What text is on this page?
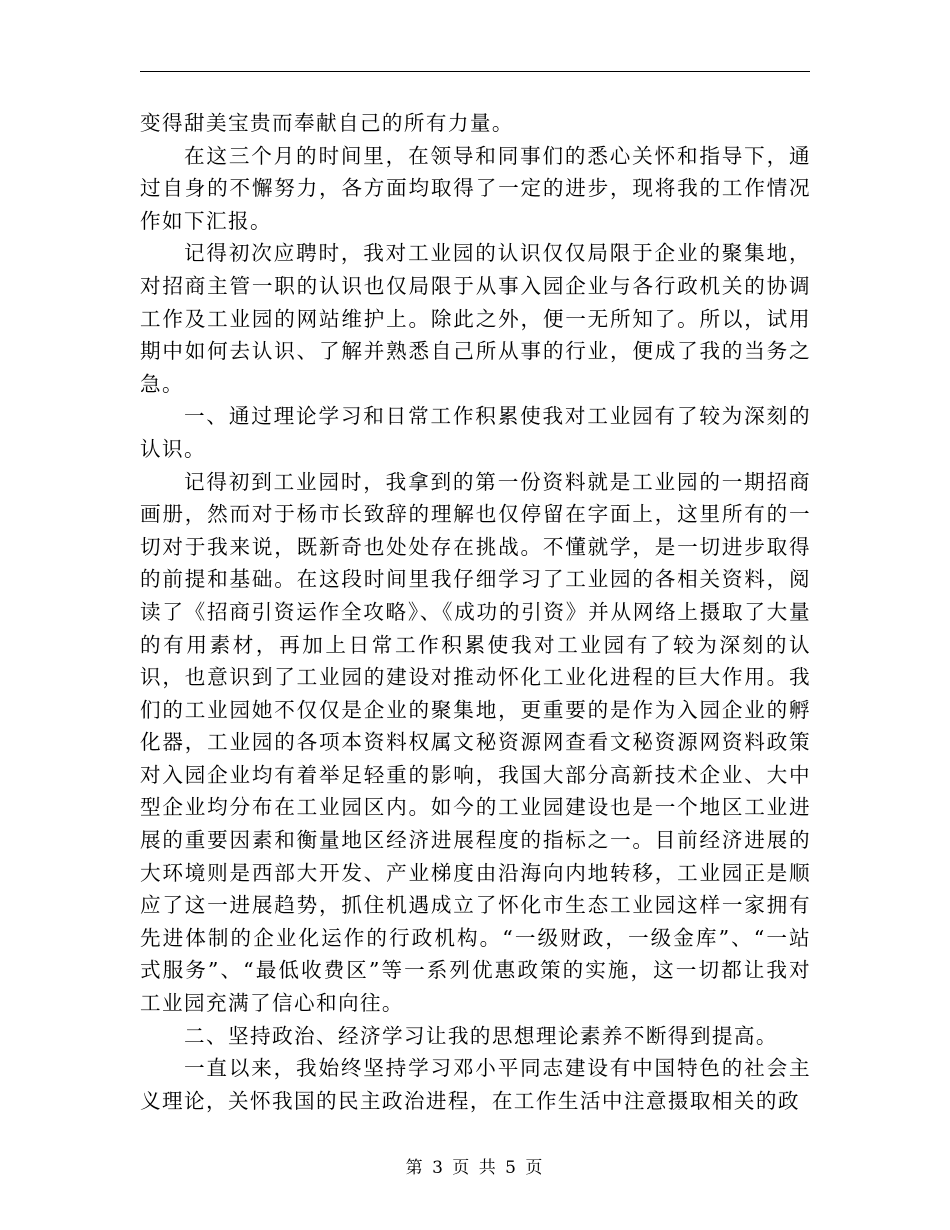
变得甜美宝贵而奉献自己的所有力量。

在这三个月的时间里，在领导和同事们的悉心关怀和指导下，通过自身的不懈努力，各方面均取得了一定的进步，现将我的工作情况作如下汇报。

记得初次应聘时，我对工业园的认识仅仅局限于企业的聚集地，对招商主管一职的认识也仅局限于从事入园企业与各行政机关的协调工作及工业园的网站维护上。除此之外，便一无所知了。所以，试用期中如何去认识、了解并熟悉自己所从事的行业，便成了我的当务之急。

一、通过理论学习和日常工作积累使我对工业园有了较为深刻的认识。

记得初到工业园时，我拿到的第一份资料就是工业园的一期招商画册，然而对于杨市长致辞的理解也仅停留在字面上，这里所有的一切对于我来说，既新奇也处处存在挑战。不懂就学，是一切进步取得的前提和基础。在这段时间里我仔细学习了工业园的各相关资料，阅读了《招商引资运作全攻略》、《成功的引资》并从网络上摄取了大量的有用素材，再加上日常工作积累使我对工业园有了较为深刻的认识，也意识到了工业园的建设对推动怀化工业化进程的巨大作用。我们的工业园她不仅仅是企业的聚集地，更重要的是作为入园企业的孵化器，工业园的各项本资料权属文秘资源网查看文秘资源网资料政策对入园企业均有着举足轻重的影响，我国大部分高新技术企业、大中型企业均分布在工业园区内。如今的工业园建设也是一个地区工业进展的重要因素和衡量地区经济进展程度的指标之一。目前经济进展的大环境则是西部大开发、产业梯度由沿海向内地转移，工业园正是顺应了这一进展趋势，抓住机遇成立了怀化市生态工业园这样一家拥有先进体制的企业化运作的行政机构。“一级财政，一级金库”、“一站式服务”、“最低收费区”等一系列优惠政策的实施，这一切都让我对工业园充满了信心和向往。

二、坚持政治、经济学习让我的思想理论素养不断得到提高。

一直以来，我始终坚持学习邓小平同志建设有中国特色的社会主义理论，关怀我国的民主政治进程，在工作生活中注意摄取相关的政

第 3 页 共 5 页
